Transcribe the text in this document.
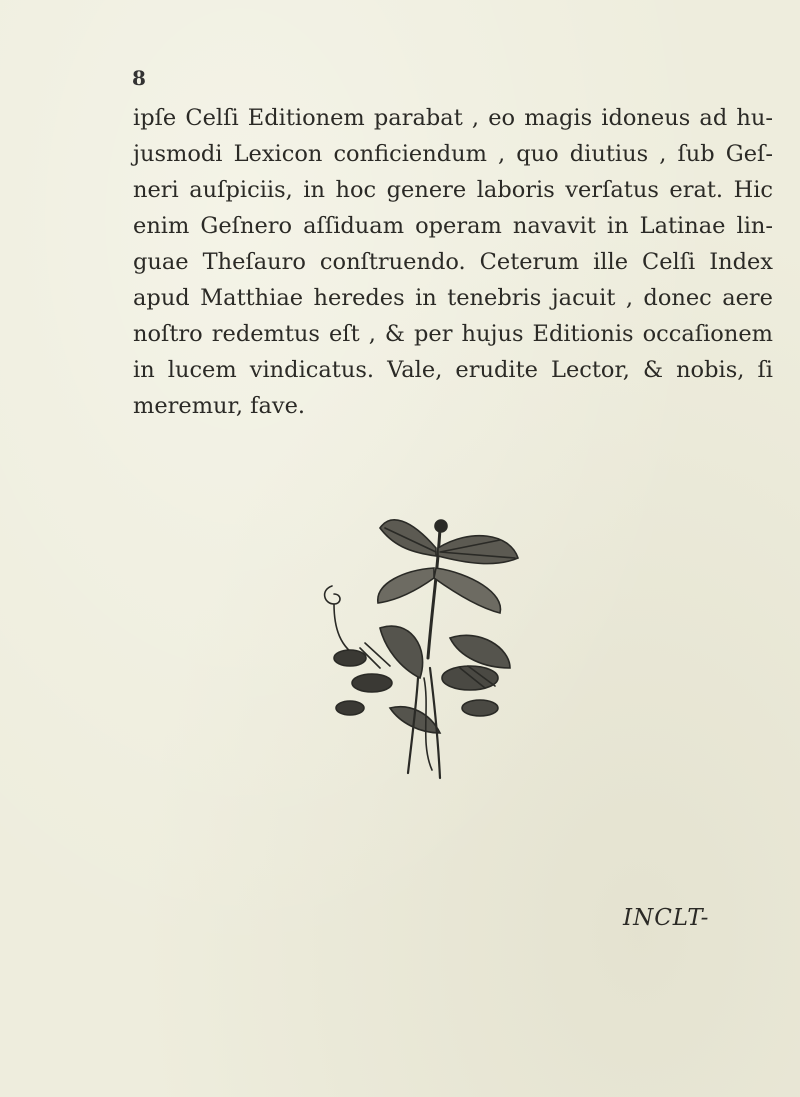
8
ipſe Celſi Editionem parabat , eo magis idoneus ad hu-
jusmodi Lexicon conficiendum , quo diutius , ſub Geſ-
neri auſpiciis, in hoc genere laboris verſatus erat. Hic
enim Geſnero aſſiduam operam navavit in Latinae lin-
guae Theſauro conſtruendo. Ceterum ille Celſi Index
apud Matthiae heredes in tenebris jacuit , donec aere
noſtro redemtus eſt , & per hujus Editionis occaſionem
in lucem vindicatus. Vale, erudite Lector, & nobis, ſi
meremur, fave.
INCLT-
